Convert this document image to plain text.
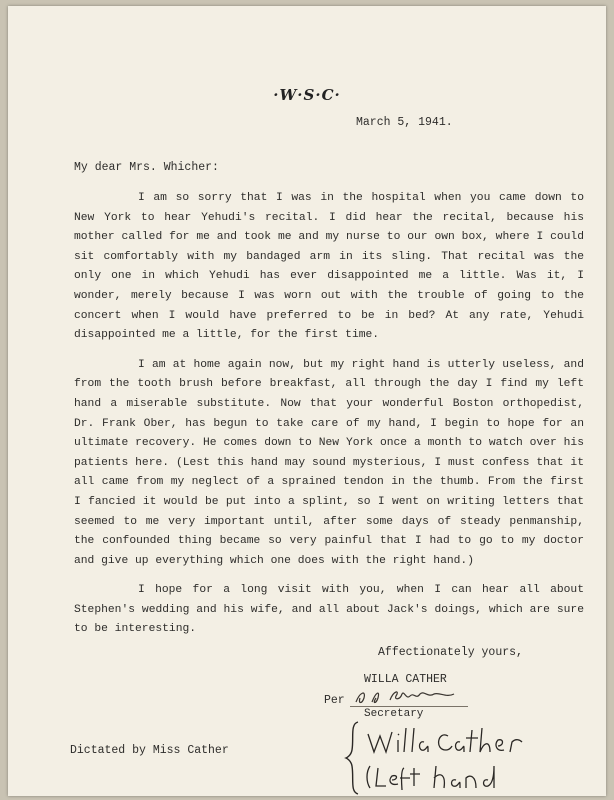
·W·S·C·
March 5, 1941.
My dear Mrs. Whicher:

I am so sorry that I was in the hospital when you came down to New York to hear Yehudi's recital. I did hear the recital, because his mother called for me and took me and my nurse to our own box, where I could sit comfortably with my bandaged arm in its sling. That recital was the only one in which Yehudi has ever disappointed me a little. Was it, I wonder, merely because I was worn out with the trouble of going to the concert when I would have preferred to be in bed? At any rate, Yehudi disappointed me a little, for the first time.

I am at home again now, but my right hand is utterly useless, and from the tooth brush before breakfast, all through the day I find my left hand a miserable substitute. Now that your wonderful Boston orthopedist, Dr. Frank Ober, has begun to take care of my hand, I begin to hope for an ultimate recovery. He comes down to New York once a month to watch over his patients here. (Lest this hand may sound mysterious, I must confess that it all came from my neglect of a sprained tendon in the thumb. From the first I fancied it would be put into a splint, so I went on writing letters that seemed to me very important until, after some days of steady penmanship, the confounded thing became so very painful that I had to go to my doctor and give up everything which one does with the right hand.)

I hope for a long visit with you, when I can hear all about Stephen's wedding and his wife, and all about Jack's doings, which are sure to be interesting.

Affectionately yours,
WILLA CATHER
Per
Secretary
Dictated by Miss Cather
